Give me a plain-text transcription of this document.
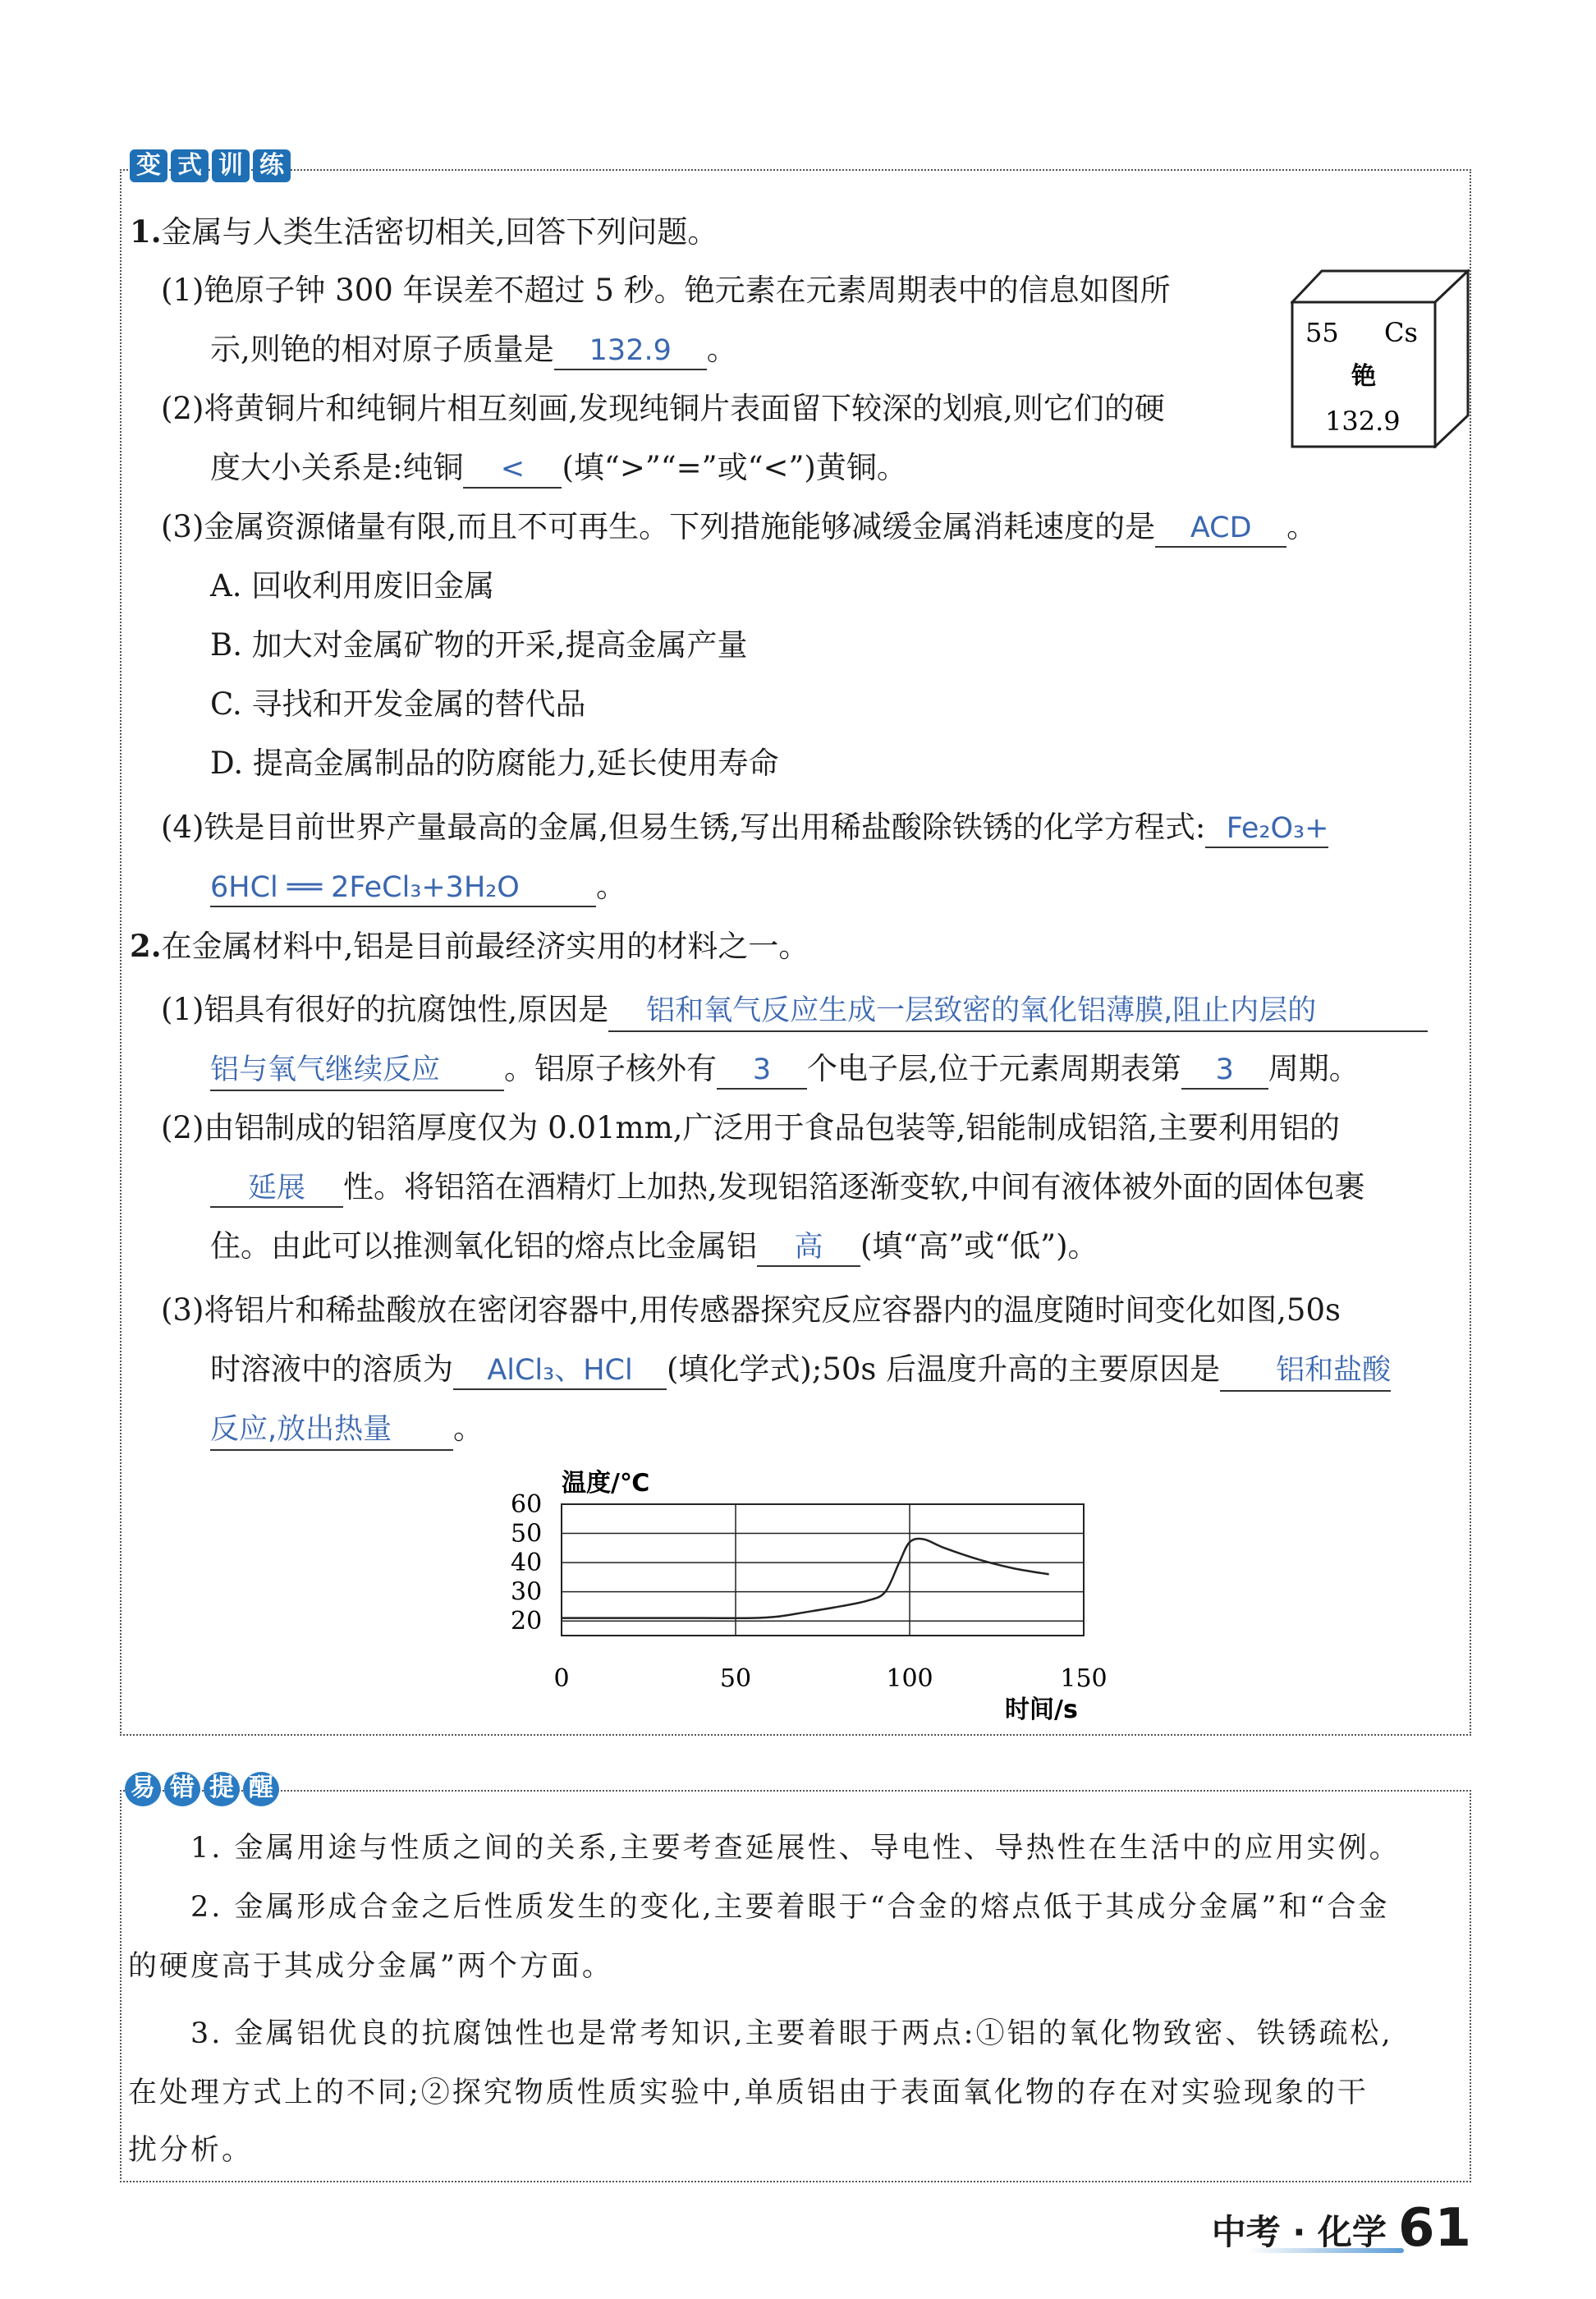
变 式 训 练
55 Cs
铯
132.9
1.金属与人类生活密切相关,回答下列问题。
(1)铯原子钟 300 年误差不超过 5 秒。铯元素在元素周期表中的信息如图所
示,则铯的相对原子质量是 132.9 。
(2)将黄铜片和纯铜片相互刻画,发现纯铜片表面留下较深的划痕,则它们的硬
度大小关系是:纯铜 < (填“>”“=”或“<”)黄铜。
(3)金属资源储量有限,而且不可再生。下列措施能够减缓金属消耗速度的是 ACD 。
A. 回收利用废旧金属
B. 加大对金属矿物的开采,提高金属产量
C. 寻找和开发金属的替代品
D. 提高金属制品的防腐能力,延长使用寿命
(4)铁是目前世界产量最高的金属,但易生锈,写出用稀盐酸除铁锈的化学方程式: Fe₂O₃+
6HCl ══ 2FeCl₃+3H₂O	。
2.在金属材料中,铝是目前最经济实用的材料之一。
(1)铝具有很好的抗腐蚀性,原因是 铝和氧气反应生成一层致密的氧化铝薄膜,阻止内层的
铝与氧气继续反应 。铝原子核外有 3 个电子层,位于元素周期表第 3 周期。
(2)由铝制成的铝箔厚度仅为 0.01mm,广泛用于食品包装等,铝能制成铝箔,主要利用铝的
延展 性。将铝箔在酒精灯上加热,发现铝箔逐渐变软,中间有液体被外面的固体包裹
住。由此可以推测氧化铝的熔点比金属铝 高 (填“高”或“低”)。
(3)将铝片和稀盐酸放在密闭容器中,用传感器探究反应容器内的温度随时间变化如图,50s
时溶液中的溶质为 AlCl₃、HCl (填化学式);50s 后温度升高的主要原因是 铝和盐酸
反应,放出热量 。
温度/℃
时间/s
20
30
40
50
60
0	50	100	150
易 错 提 醒
1. 金属用途与性质之间的关系,主要考查延展性、导电性、导热性在生活中的应用实例。
2. 金属形成合金之后性质发生的变化,主要着眼于“合金的熔点低于其成分金属”和“合金
的硬度高于其成分金属”两个方面。
3. 金属铝优良的抗腐蚀性也是常考知识,主要着眼于两点:①铝的氧化物致密、铁锈疏松,
在处理方式上的不同;②探究物质性质实验中,单质铝由于表面氧化物的存在对实验现象的干
扰分析。
中考 · 化学 61
